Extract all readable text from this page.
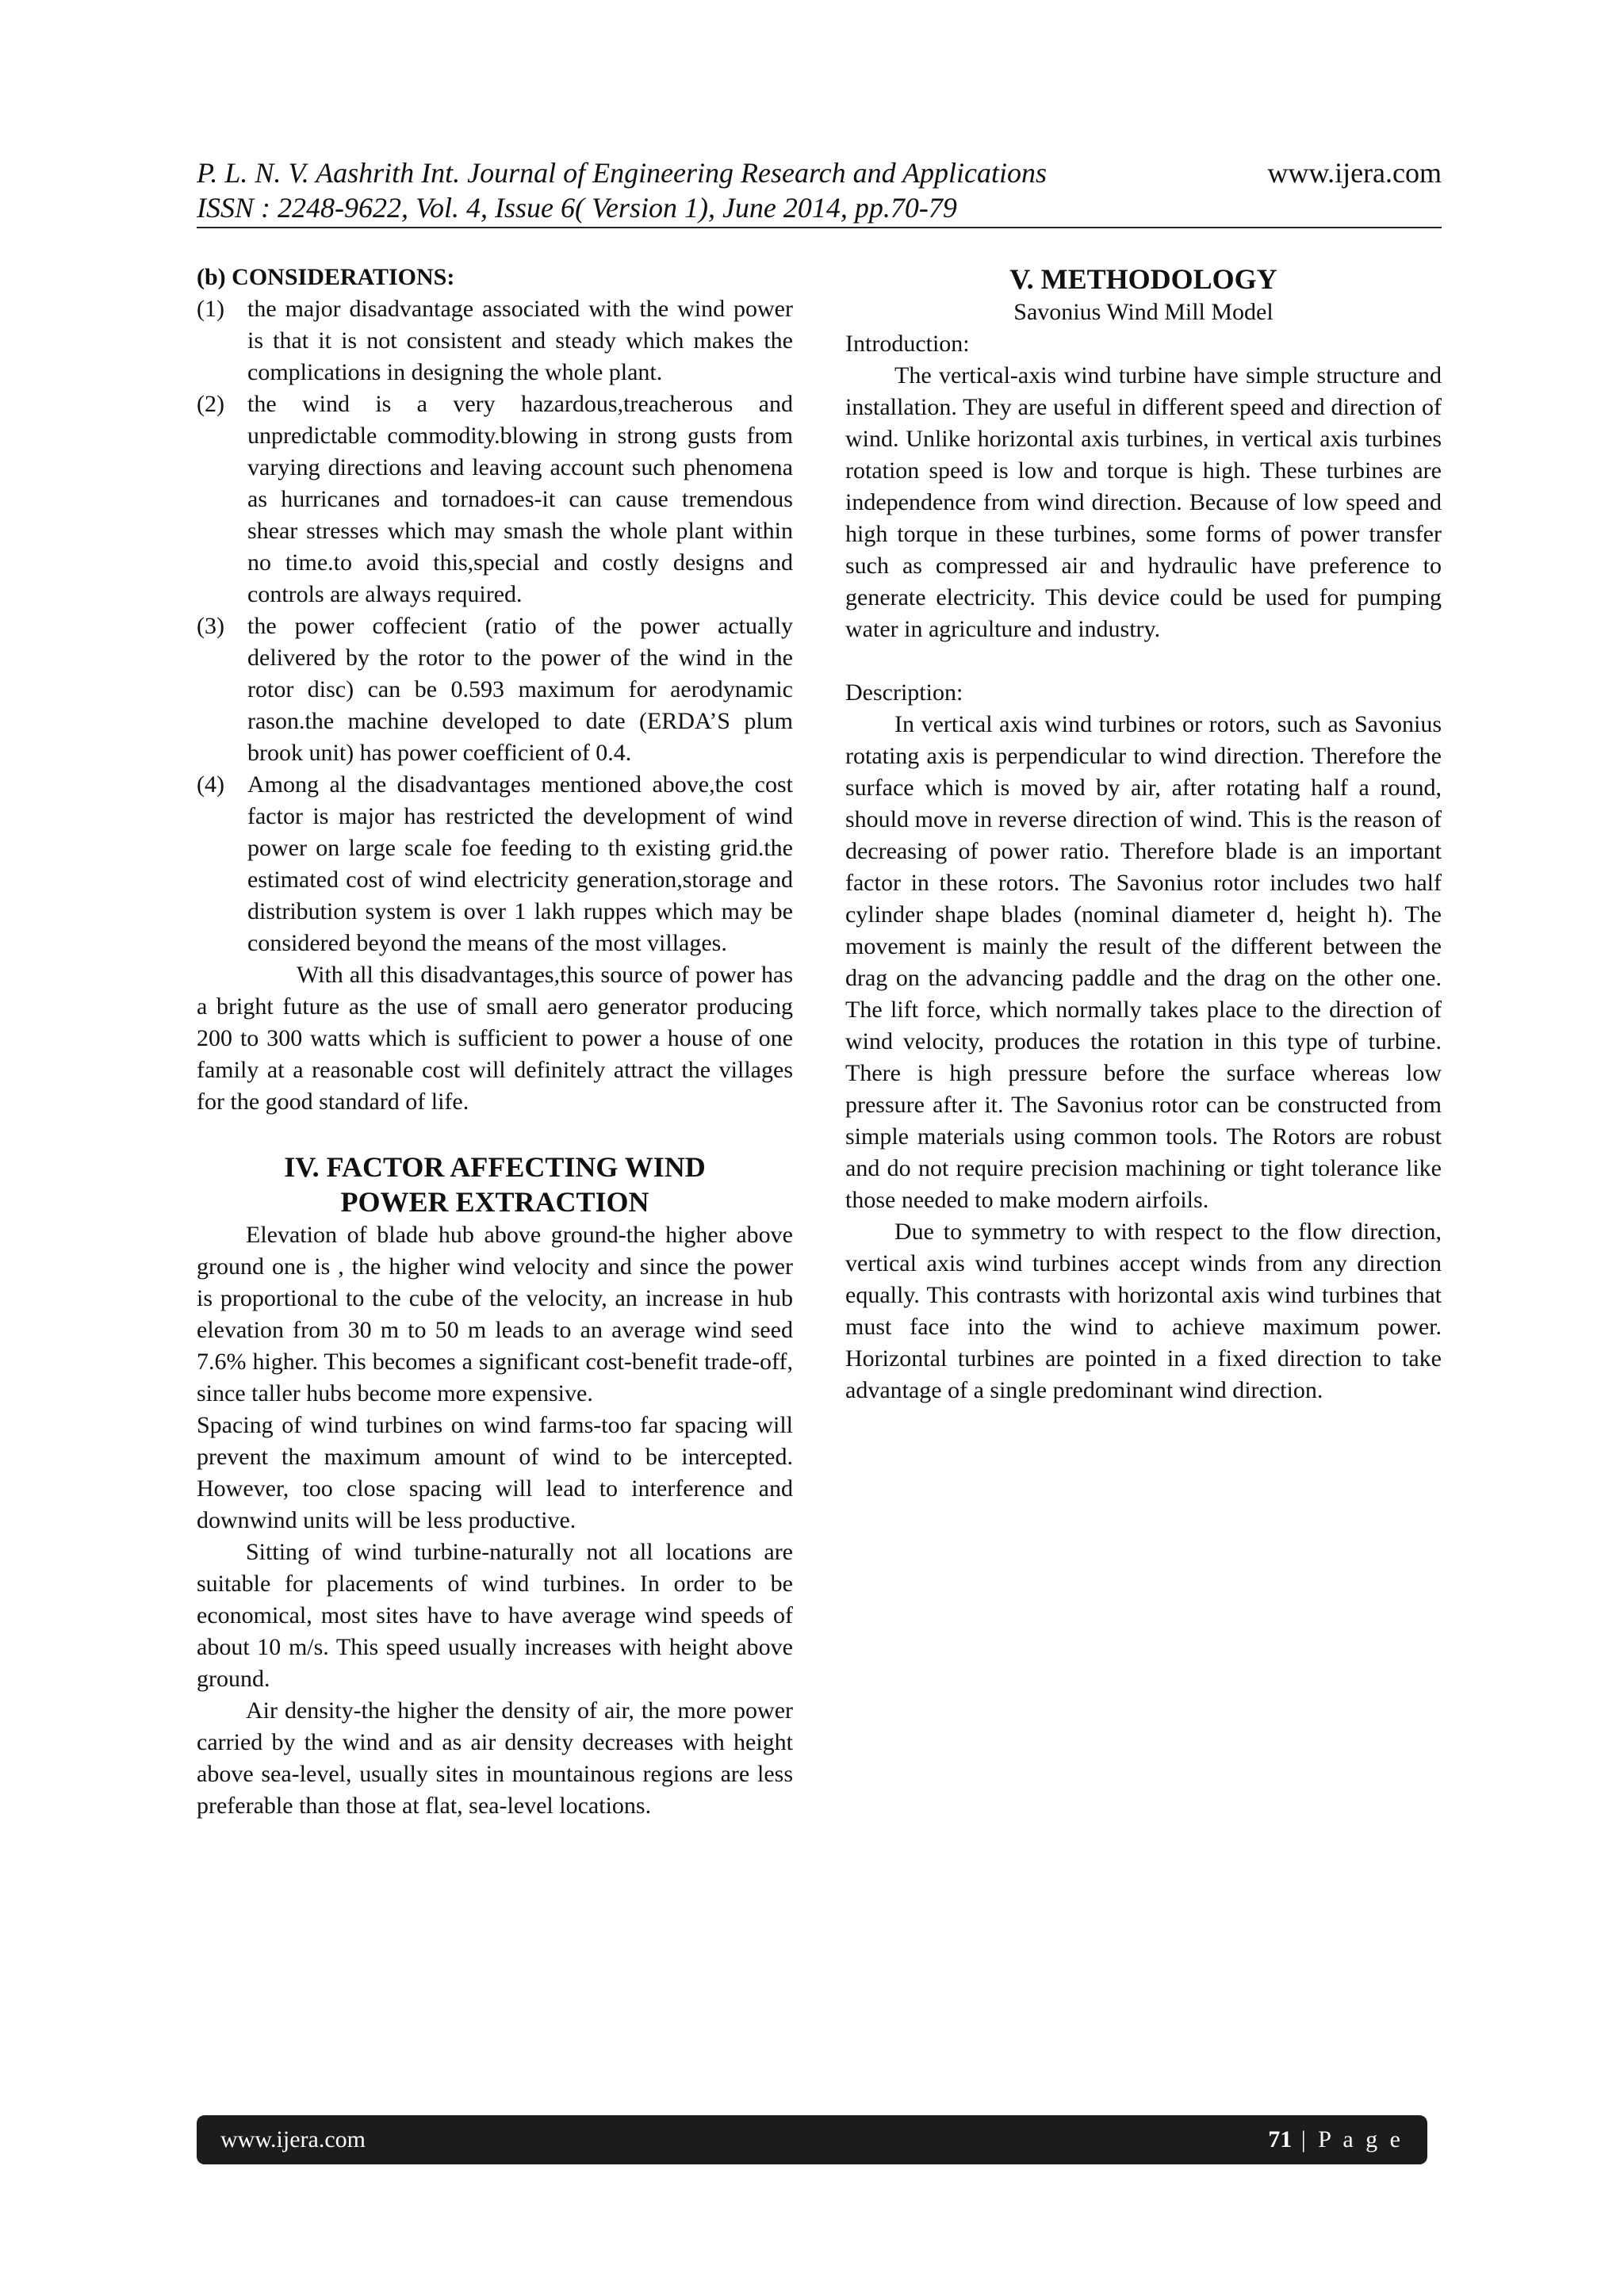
P. L. N. V. Aashrith Int. Journal of Engineering Research and Applications	www.ijera.com
ISSN : 2248-9622, Vol. 4, Issue 6( Version 1), June 2014, pp.70-79

(b) CONSIDERATIONS:

(1) the major disadvantage associated with the wind power is that it is not consistent and steady which makes the complications in designing the whole plant.
(2) the wind is a very hazardous,treacherous and unpredictable commodity.blowing in strong gusts from varying directions and leaving account such phenomena as hurricanes and tornadoes-it can cause tremendous shear stresses which may smash the whole plant within no time.to avoid this,special and costly designs and controls are always required.
(3) the power coffecient (ratio of the power actually delivered by the rotor to the power of the wind in the rotor disc) can be 0.593 maximum for aerodynamic rason.the machine developed to date (ERDA’S plum brook unit) has power coefficient of 0.4.
(4) Among al the disadvantages mentioned above,the cost factor is major has restricted the development of wind power on large scale foe feeding to th existing grid.the estimated cost of wind electricity generation,storage and distribution system is over 1 lakh ruppes which may be considered beyond the means of the most villages.

With all this disadvantages,this source of power has a bright future as the use of small aero generator producing 200 to 300 watts which is sufficient to power a house of one family at a reasonable cost will definitely attract the villages for the good standard of life.

IV. FACTOR AFFECTING WIND

POWER EXTRACTION

Elevation of blade hub above ground-the higher above ground one is , the higher wind velocity and since the power is proportional to the cube of the velocity, an increase in hub elevation from 30 m to 50 m leads to an average wind seed 7.6% higher. This becomes a significant cost-benefit trade-off, since taller hubs become more expensive.

Spacing of wind turbines on wind farms-too far spacing will prevent the maximum amount of wind to be intercepted. However, too close spacing will lead to interference and downwind units will be less productive.

Sitting of wind turbine-naturally not all locations are suitable for placements of wind turbines. In order to be economical, most sites have to have average wind speeds of about 10 m/s. This speed usually increases with height above ground.

Air density-the higher the density of air, the more power carried by the wind and as air density decreases with height above sea-level, usually sites in mountainous regions are less preferable than those at flat, sea-level locations.

V. METHODOLOGY

Savonius Wind Mill Model

Introduction:

The vertical-axis wind turbine have simple structure and installation. They are useful in different speed and direction of wind. Unlike horizontal axis turbines, in vertical axis turbines rotation speed is low and torque is high. These turbines are independence from wind direction. Because of low speed and high torque in these turbines, some forms of power transfer such as compressed air and hydraulic have preference to generate electricity. This device could be used for pumping water in agriculture and industry.

Description:

In vertical axis wind turbines or rotors, such as Savonius rotating axis is perpendicular to wind direction. Therefore the surface which is moved by air, after rotating half a round, should move in reverse direction of wind. This is the reason of decreasing of power ratio. Therefore blade is an important factor in these rotors. The Savonius rotor includes two half cylinder shape blades (nominal diameter d, height h). The movement is mainly the result of the different between the drag on the advancing paddle and the drag on the other one. The lift force, which normally takes place to the direction of wind velocity, produces the rotation in this type of turbine. There is high pressure before the surface whereas low pressure after it. The Savonius rotor can be constructed from simple materials using common tools. The Rotors are robust and do not require precision machining or tight tolerance like those needed to make modern airfoils.

Due to symmetry to with respect to the flow direction, vertical axis wind turbines accept winds from any direction equally. This contrasts with horizontal axis wind turbines that must face into the wind to achieve maximum power. Horizontal turbines are pointed in a fixed direction to take advantage of a single predominant wind direction.

www.ijera.com	71 | P a g e
